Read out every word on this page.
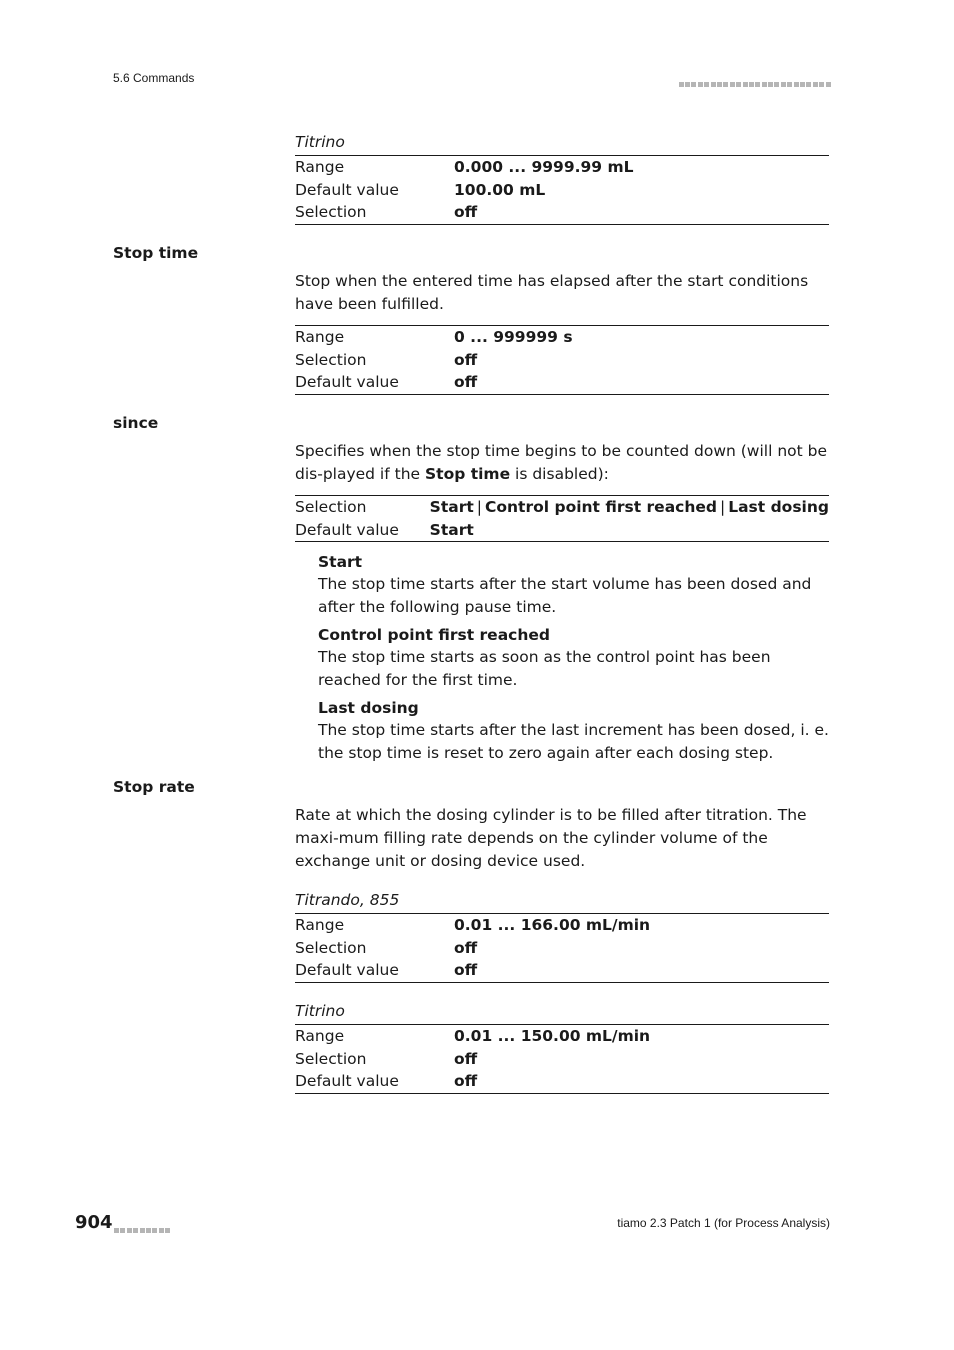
5.6 Commands
Titrino
Range	0.000 ... 9999.99 mL
Default value	100.00 mL
Selection	off
Stop time
Stop when the entered time has elapsed after the start conditions have been fulfilled.
Range	0 ... 999999 s
Selection	off
Default value	off
since
Specifies when the stop time begins to be counted down (will not be dis-played if the Stop time is disabled):
Selection	Start | Control point first reached | Last dosing
Default value	Start
Start
The stop time starts after the start volume has been dosed and after the following pause time.
Control point first reached
The stop time starts as soon as the control point has been reached for the first time.
Last dosing
The stop time starts after the last increment has been dosed, i. e. the stop time is reset to zero again after each dosing step.
Stop rate
Rate at which the dosing cylinder is to be filled after titration. The maxi-mum filling rate depends on the cylinder volume of the exchange unit or dosing device used.
Titrando, 855
Range	0.01 ... 166.00 mL/min
Selection	off
Default value	off
Titrino
Range	0.01 ... 150.00 mL/min
Selection	off
Default value	off
904	tiamo 2.3 Patch 1 (for Process Analysis)
